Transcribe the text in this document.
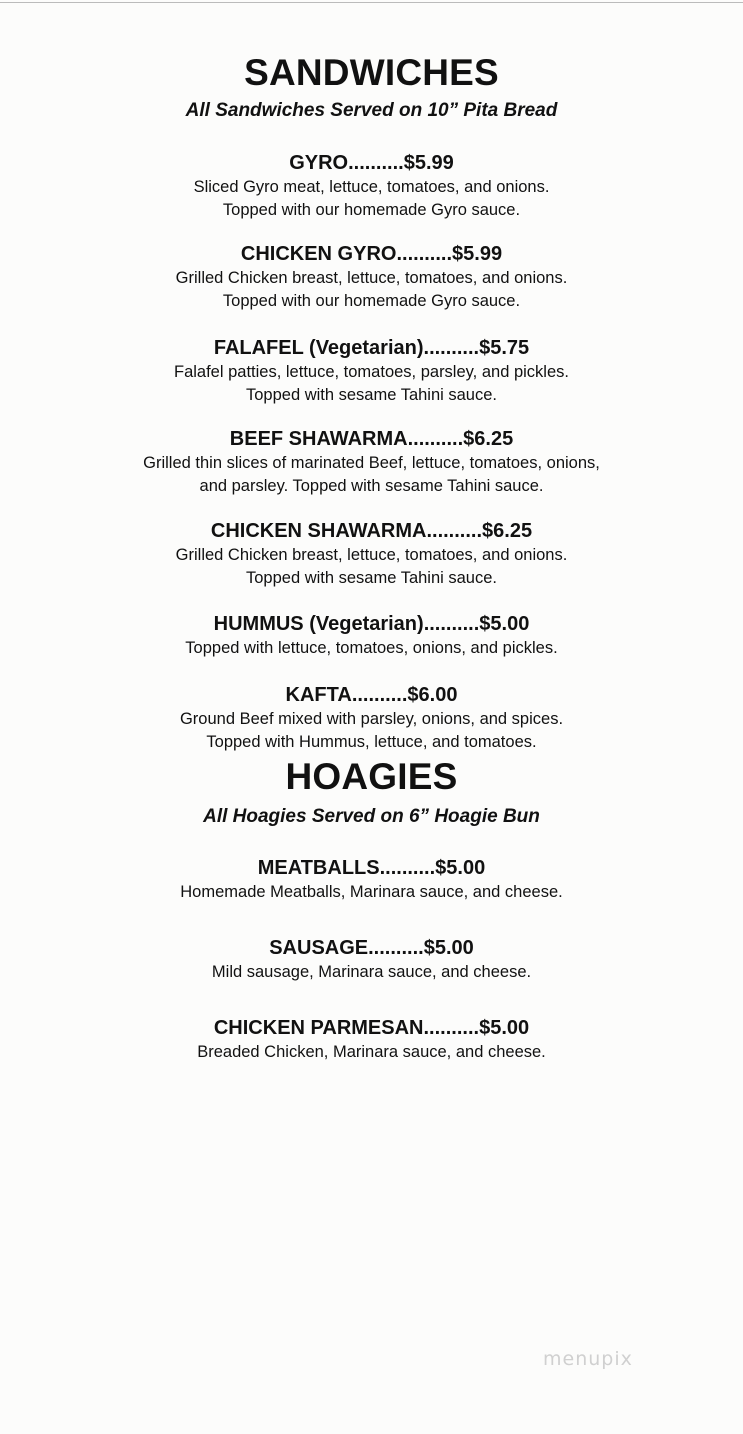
SANDWICHES
All Sandwiches Served on 10” Pita Bread
GYRO..........$5.99
Sliced Gyro meat, lettuce, tomatoes, and onions.
Topped with our homemade Gyro sauce.
CHICKEN GYRO..........$5.99
Grilled Chicken breast, lettuce, tomatoes, and onions.
Topped with our homemade Gyro sauce.
FALAFEL (Vegetarian)..........$5.75
Falafel patties, lettuce, tomatoes, parsley, and pickles.
Topped with sesame Tahini sauce.
BEEF SHAWARMA..........$6.25
Grilled thin slices of marinated Beef, lettuce, tomatoes, onions,
and parsley. Topped with sesame Tahini sauce.
CHICKEN SHAWARMA..........$6.25
Grilled Chicken breast, lettuce, tomatoes, and onions.
Topped with sesame Tahini sauce.
HUMMUS (Vegetarian)..........$5.00
Topped with lettuce, tomatoes, onions, and pickles.
KAFTA..........$6.00
Ground Beef mixed with parsley, onions, and spices.
Topped with Hummus, lettuce, and tomatoes.
HOAGIES
All Hoagies Served on 6” Hoagie Bun
MEATBALLS..........$5.00
Homemade Meatballs, Marinara sauce, and cheese.
SAUSAGE..........$5.00
Mild sausage, Marinara sauce, and cheese.
CHICKEN PARMESAN..........$5.00
Breaded Chicken, Marinara sauce, and cheese.
menupix
